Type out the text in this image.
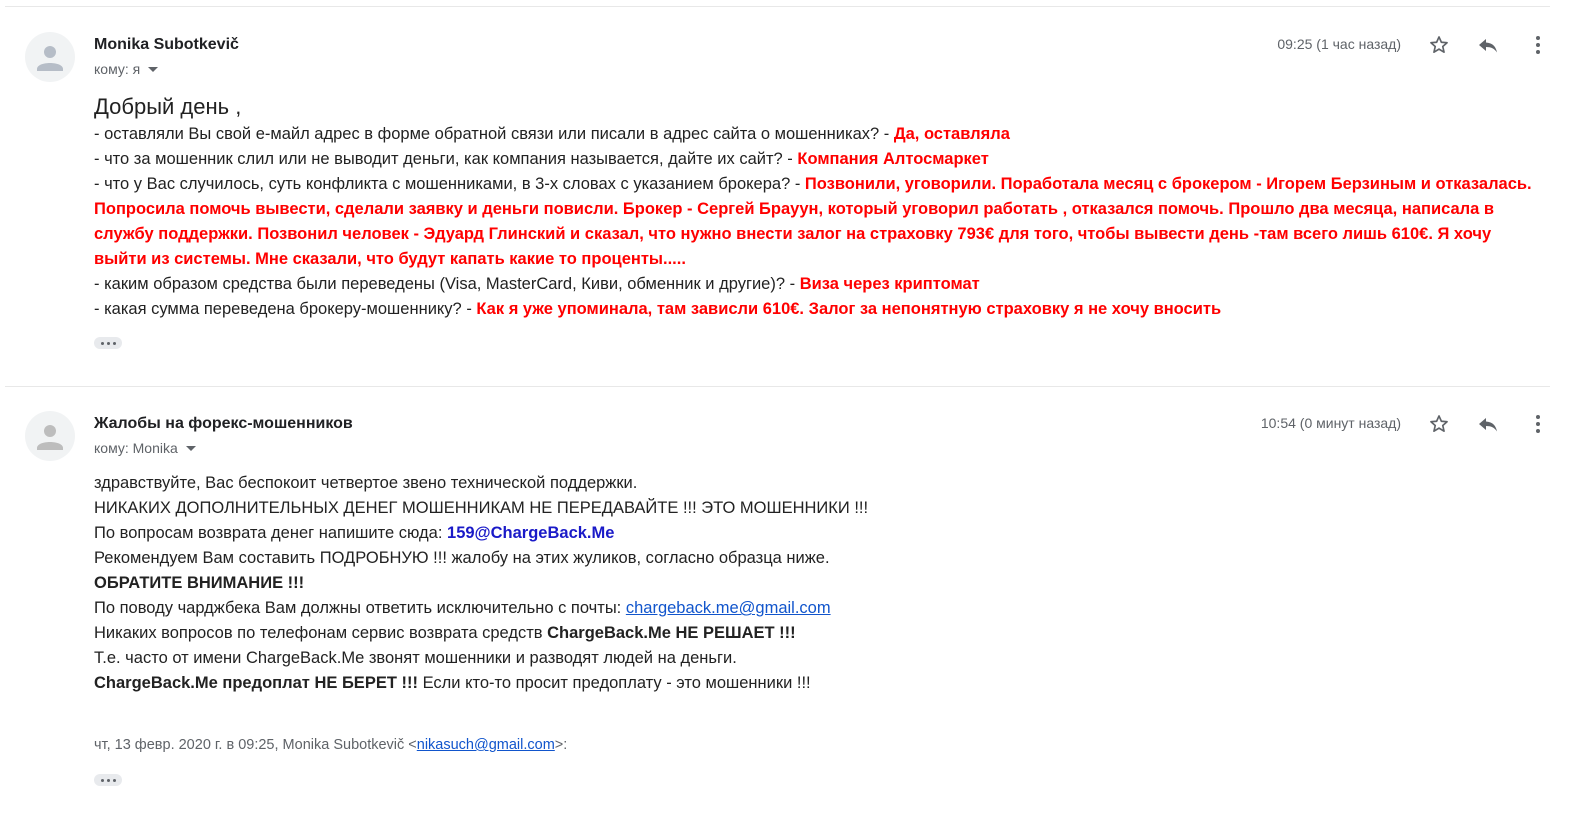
Monika Subotkevič
кому: я
09:25 (1 час назад)

Добрый день ,

- оставляли Вы свой е-майл адрес в форме обратной связи или писали в адрес сайта о мошенниках? - Да, оставляла

- что за мошенник слил или не выводит деньги, как компания называется, дайте их сайт? - Компания Алтосмаркет

- что у Вас случилось, суть конфликта с мошенниками, в 3-х словах с указанием брокера? - Позвонили, уговорили. Поработала месяц с брокером - Игорем Берзиным и отказалась. Попросила помочь вывести, сделали заявку и деньги повисли. Брокер - Сергей Брауун, который уговорил работать , отказался помочь. Прошло два месяца, написала в службу поддержки. Позвонил человек - Эдуард Глинский и сказал, что нужно внести залог на страховку 793€ для того, чтобы вывести день -там всего лишь 610€. Я хочу выйти из системы. Мне сказали, что будут капать какие то проценты.....

- каким образом средства были переведены (Visa, MasterCard, Киви, обменник и другие)? - Виза через криптомат

- какая сумма переведена брокеру-мошеннику? - Как я уже упоминала, там зависли 610€. Залог за непонятную страховку я не хочу вносить

Жалобы на форекс-мошенников
кому: Monika
10:54 (0 минут назад)

здравствуйте, Вас беспокоит четвертое звено технической поддержки.

НИКАКИХ ДОПОЛНИТЕЛЬНЫХ ДЕНЕГ МОШЕННИКАМ НЕ ПЕРЕДАВАЙТЕ !!! ЭТО МОШЕННИКИ !!!

По вопросам возврата денег напишите сюда: 159@ChargeBack.Me

Рекомендуем Вам составить ПОДРОБНУЮ !!! жалобу на этих жуликов, согласно образца ниже.

ОБРАТИТЕ ВНИМАНИЕ !!!

По поводу чарджбека Вам должны ответить исключительно с почты: chargeback.me@gmail.com

Никаких вопросов по телефонам сервис возврата средств ChargeBack.Me НЕ РЕШАЕТ !!!

Т.е. часто от имени ChargeBack.Me звонят мошенники и разводят людей на деньги.

ChargeBack.Me предоплат НЕ БЕРЕТ !!! Если кто-то просит предоплату - это мошенники !!!

чт, 13 февр. 2020 г. в 09:25, Monika Subotkevič <nikasuch@gmail.com>:
